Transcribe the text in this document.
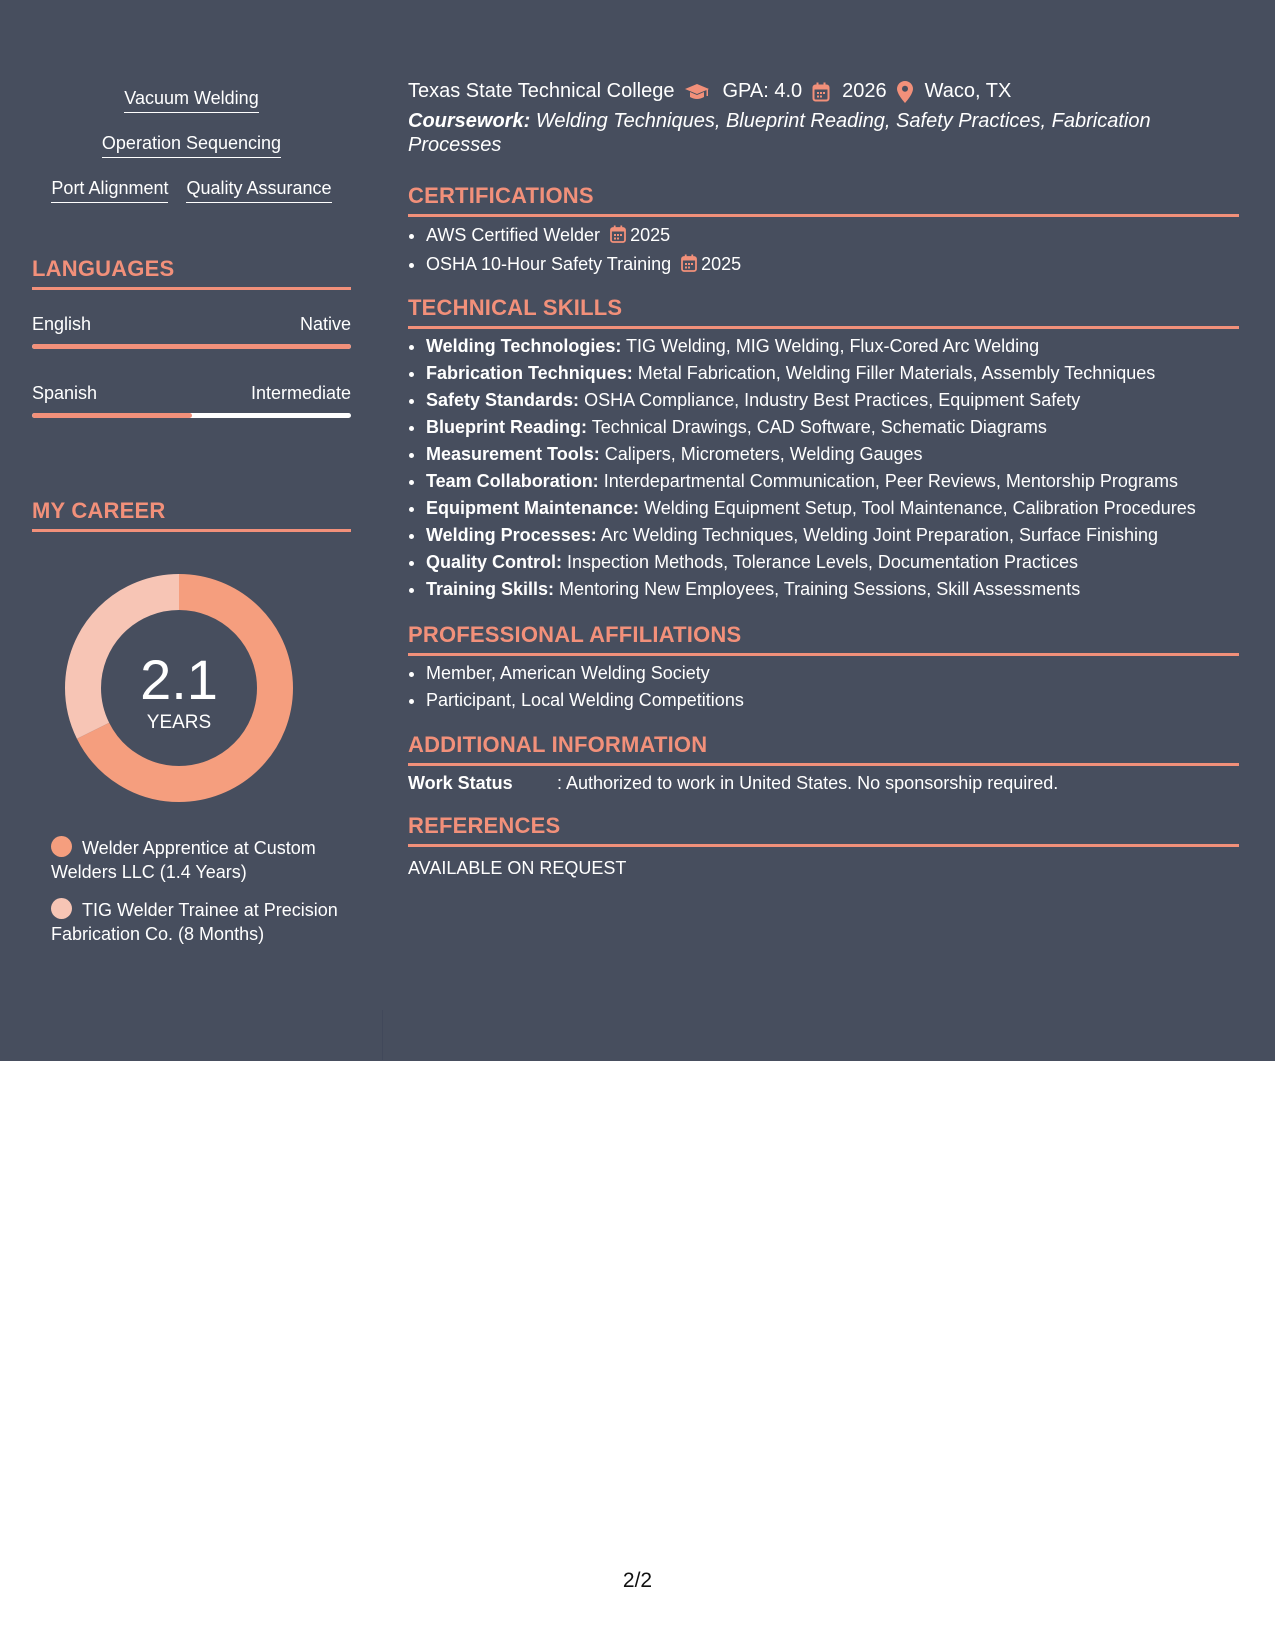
Vacuum Welding
Operation Sequencing
Port Alignment Quality Assurance
LANGUAGES
English	Native
Spanish	Intermediate
MY CAREER
2.1
YEARS
Welder Apprentice at Custom Welders LLC (1.4 Years)
TIG Welder Trainee at Precision Fabrication Co. (8 Months)
Texas State Technical College GPA: 4.0 2026 Waco, TX
Coursework: Welding Techniques, Blueprint Reading, Safety Practices, Fabrication Processes
CERTIFICATIONS
• AWS Certified Welder 2025
• OSHA 10-Hour Safety Training 2025
TECHNICAL SKILLS
• Welding Technologies: TIG Welding, MIG Welding, Flux-Cored Arc Welding
• Fabrication Techniques: Metal Fabrication, Welding Filler Materials, Assembly Techniques
• Safety Standards: OSHA Compliance, Industry Best Practices, Equipment Safety
• Blueprint Reading: Technical Drawings, CAD Software, Schematic Diagrams
• Measurement Tools: Calipers, Micrometers, Welding Gauges
• Team Collaboration: Interdepartmental Communication, Peer Reviews, Mentorship Programs
• Equipment Maintenance: Welding Equipment Setup, Tool Maintenance, Calibration Procedures
• Welding Processes: Arc Welding Techniques, Welding Joint Preparation, Surface Finishing
• Quality Control: Inspection Methods, Tolerance Levels, Documentation Practices
• Training Skills: Mentoring New Employees, Training Sessions, Skill Assessments
PROFESSIONAL AFFILIATIONS
• Member, American Welding Society
• Participant, Local Welding Competitions
ADDITIONAL INFORMATION
Work Status : Authorized to work in United States. No sponsorship required.
REFERENCES
AVAILABLE ON REQUEST
2/2
